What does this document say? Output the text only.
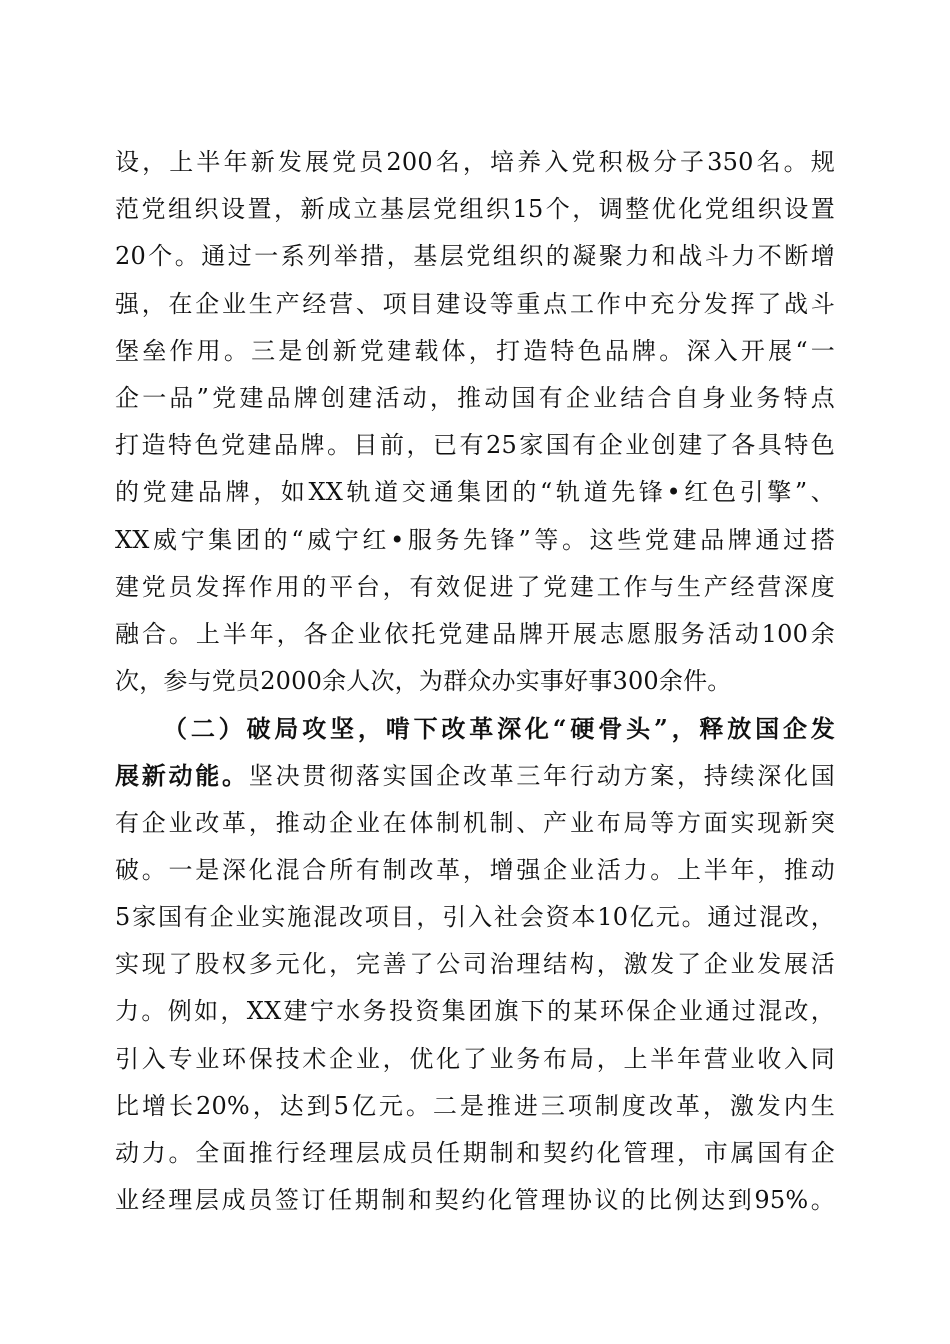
设，上半年新发展党员200名，培养入党积极分子350名。规
范党组织设置，新成立基层党组织15个，调整优化党组织设置
20个。通过一系列举措，基层党组织的凝聚力和战斗力不断增
强，在企业生产经营、项目建设等重点工作中充分发挥了战斗
堡垒作用。三是创新党建载体，打造特色品牌。深入开展“一
企一品”党建品牌创建活动，推动国有企业结合自身业务特点
打造特色党建品牌。目前，已有25家国有企业创建了各具特色
的党建品牌，如XX轨道交通集团的“轨道先锋•红色引擎”、
XX威宁集团的“威宁红•服务先锋”等。这些党建品牌通过搭
建党员发挥作用的平台，有效促进了党建工作与生产经营深度
融合。上半年，各企业依托党建品牌开展志愿服务活动100余
次，参与党员2000余人次，为群众办实事好事300余件。
（二）破局攻坚，啃下改革深化“硬骨头”，释放国企发
展新动能。坚决贯彻落实国企改革三年行动方案，持续深化国
有企业改革，推动企业在体制机制、产业布局等方面实现新突
破。一是深化混合所有制改革，增强企业活力。上半年，推动
5家国有企业实施混改项目，引入社会资本10亿元。通过混改，
实现了股权多元化，完善了公司治理结构，激发了企业发展活
力。例如，XX建宁水务投资集团旗下的某环保企业通过混改，
引入专业环保技术企业，优化了业务布局，上半年营业收入同
比增长20%，达到5亿元。二是推进三项制度改革，激发内生
动力。全面推行经理层成员任期制和契约化管理，市属国有企
业经理层成员签订任期制和契约化管理协议的比例达到95%。
